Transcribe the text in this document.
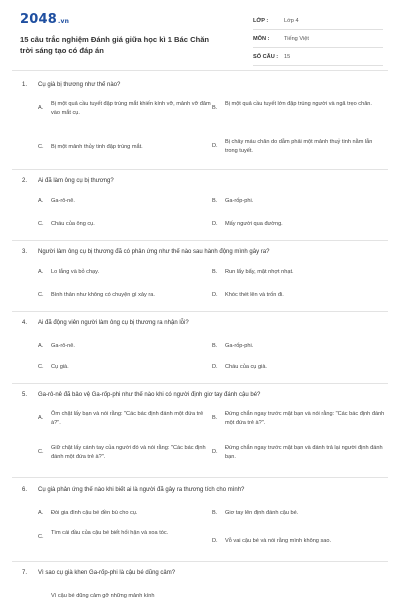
2048.vn
15 câu trắc nghiệm Đánh giá giữa học kì 1 Bác Chăn trời sáng tạo có đáp án
LỚP :	Lớp 4
MÔN :	Tiếng Việt
SỐ CÂU : 15
1.	Cụ già bị thương như thế nào?
A.
Bị một quả cầu tuyết đập trúng mắt khiến kính vỡ, mảnh vỡ đâm vào mắt cụ.
B.
Bị một quả cầu tuyết lớn đập trúng người và ngã trẹo chân.
C.	Bị một mảnh thủy tinh đập trúng mắt.	D.
Bị chảy máu chân do dẫm phải một mảnh thuỷ tinh nằm lẫn trong tuyết.
2.	Ai đã làm ông cụ bị thương?
A.	Ga-rô-nê.	B.	Ga-rốp-phi.
C.	Cháu của ông cụ.	D.	Mấy người qua đường.
3.	Người làm ông cụ bị thương đã có phản ứng như thế nào sau hành động mình gây ra?
A.	Lo lắng và bỏ chạy.	B.	Run lẩy bẩy, mặt nhợt nhạt.
C.	Bình thản như không có chuyện gì xảy ra.	D.	Khóc thét lên và trốn đi.
4.	Ai đã động viên người làm ông cụ bị thương ra nhận lỗi?
A.	Ga-rô-nê.	B.	Ga-rốp-phi.
C.	Cụ già.	D.	Cháu của cụ già.
5.	Ga-rô-nê đã bảo vệ Ga-rốp-phi như thế nào khi có người định giơ tay đánh cậu bé?
A.
Ôm chặt lấy bạn và nói rằng: "Các bác định đánh một đứa trẻ à?".
B.
Đứng chắn ngay trước mặt bạn và nói rằng: "Các bác định đánh một đứa trẻ à?".
C.
Giữ chặt lấy cánh tay của người đó và nói rằng: "Các bác định đánh một đứa trẻ à?".
D.
Đứng chắn ngay trước mặt bạn và đánh trả lại người định đánh bạn.
6.	Cụ già phản ứng thế nào khi biết ai là người đã gây ra thương tích cho mình?
A.	Đòi gia đình cậu bé đền bù cho cụ.	B.	Giơ tay lên định đánh cậu bé.
C.
Tìm cái đầu của cậu bé biết hối hận và xoa tóc.
D.	Vỗ vai cậu bé và nói rằng mình không sao.
7.	Vì sao cụ già khen Ga-rốp-phi là cậu bé dũng cảm?
Vì cậu bé dũng cảm gỡ những mảnh kính
